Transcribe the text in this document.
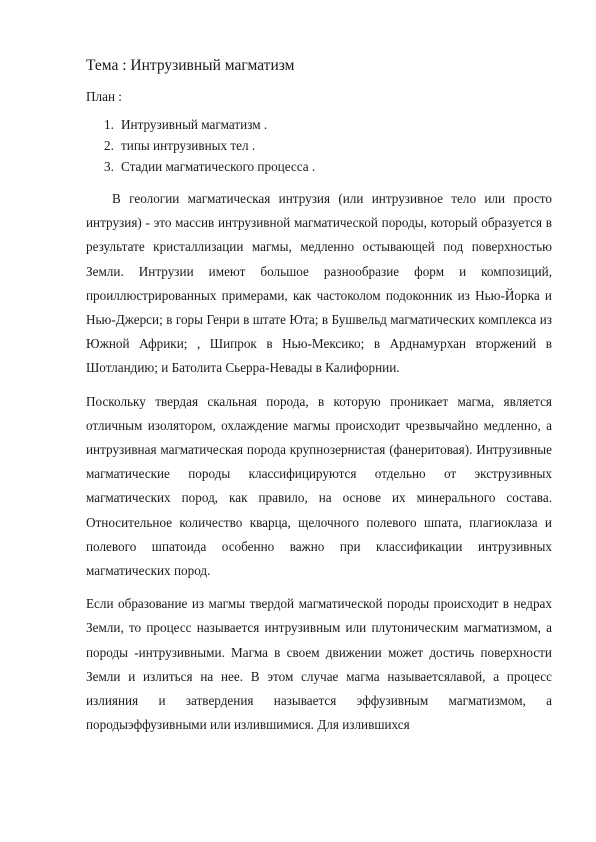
Тема : Интрузивный магматизм
План :
1. Интрузивный магматизм .
2. типы интрузивных тел .
3. Стадии магматического процесса .

В геологии магматическая интрузия (или интрузивное тело или просто интрузия) - это массив интрузивной магматической породы, который образуется в результате кристаллизации магмы, медленно остывающей под поверхностью Земли. Интрузии имеют большое разнообразие форм и композиций, проиллюстрированных примерами, как частоколом подоконник из Нью-Йорка и Нью-Джерси; в горы Генри в штате Юта; в Бушвельд магматических комплекса из Южной Африки; , Шипрок в Нью-Мексико; в Арднамурхан вторжений в Шотландию; и Батолита Сьерра-Невады в Калифорнии.

Поскольку твердая скальная порода, в которую проникает магма, является отличным изолятором, охлаждение магмы происходит чрезвычайно медленно, а интрузивная магматическая порода крупнозернистая (фанеритовая). Интрузивные магматические породы классифицируются отдельно от экструзивных магматических пород, как правило, на основе их минерального состава. Относительное количество кварца, щелочного полевого шпата, плагиоклаза и полевого шпатоида особенно важно при классификации интрузивных магматических пород.

Если образование из магмы твердой магматической породы происходит в недрах Земли, то процесс называется интрузивным или плутоническим магматизмом, а породы -интрузивными. Магма в своем движении может достичь поверхности Земли и излиться на нее. В этом случае магма называетсялавой, а процесс излияния и затвердения называется эффузивным магматизмом, а породыэффузивными или излившимися. Для излившихся
